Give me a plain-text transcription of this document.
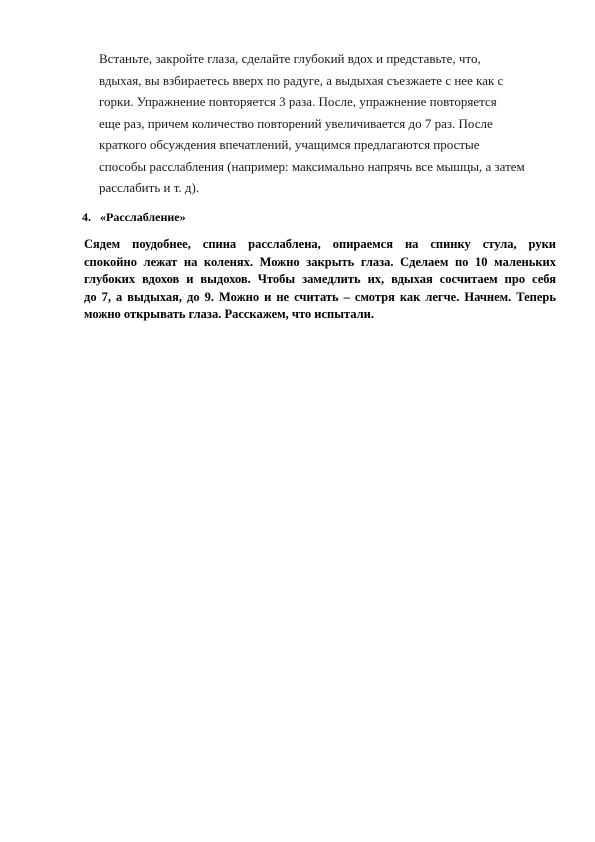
Встаньте, закройте глаза, сделайте глубокий вдох и представьте, что,
вдыхая, вы взбираетесь вверх по радуге, а выдыхая съезжаете с нее как с
горки. Упражнение повторяется 3 раза. После, упражнение повторяется
еще раз, причем количество повторений увеличивается до 7 раз. После
краткого обсуждения впечатлений, учащимся предлагаются простые
способы расслабления (например: максимально напрячь все мышцы, а затем
расслабить и т. д).
4. «Расслабление»
Сядем поудобнее, спина расслаблена, опираемся на спинку стула, руки
спокойно лежат на коленях. Можно закрыть глаза. Сделаем по 10 маленьких
глубоких вдохов и выдохов. Чтобы замедлить их, вдыхая сосчитаем про себя
до 7, а выдыхая, до 9. Можно и не считать – смотря как легче. Начнем. Теперь
можно открывать глаза. Расскажем, что испытали.
